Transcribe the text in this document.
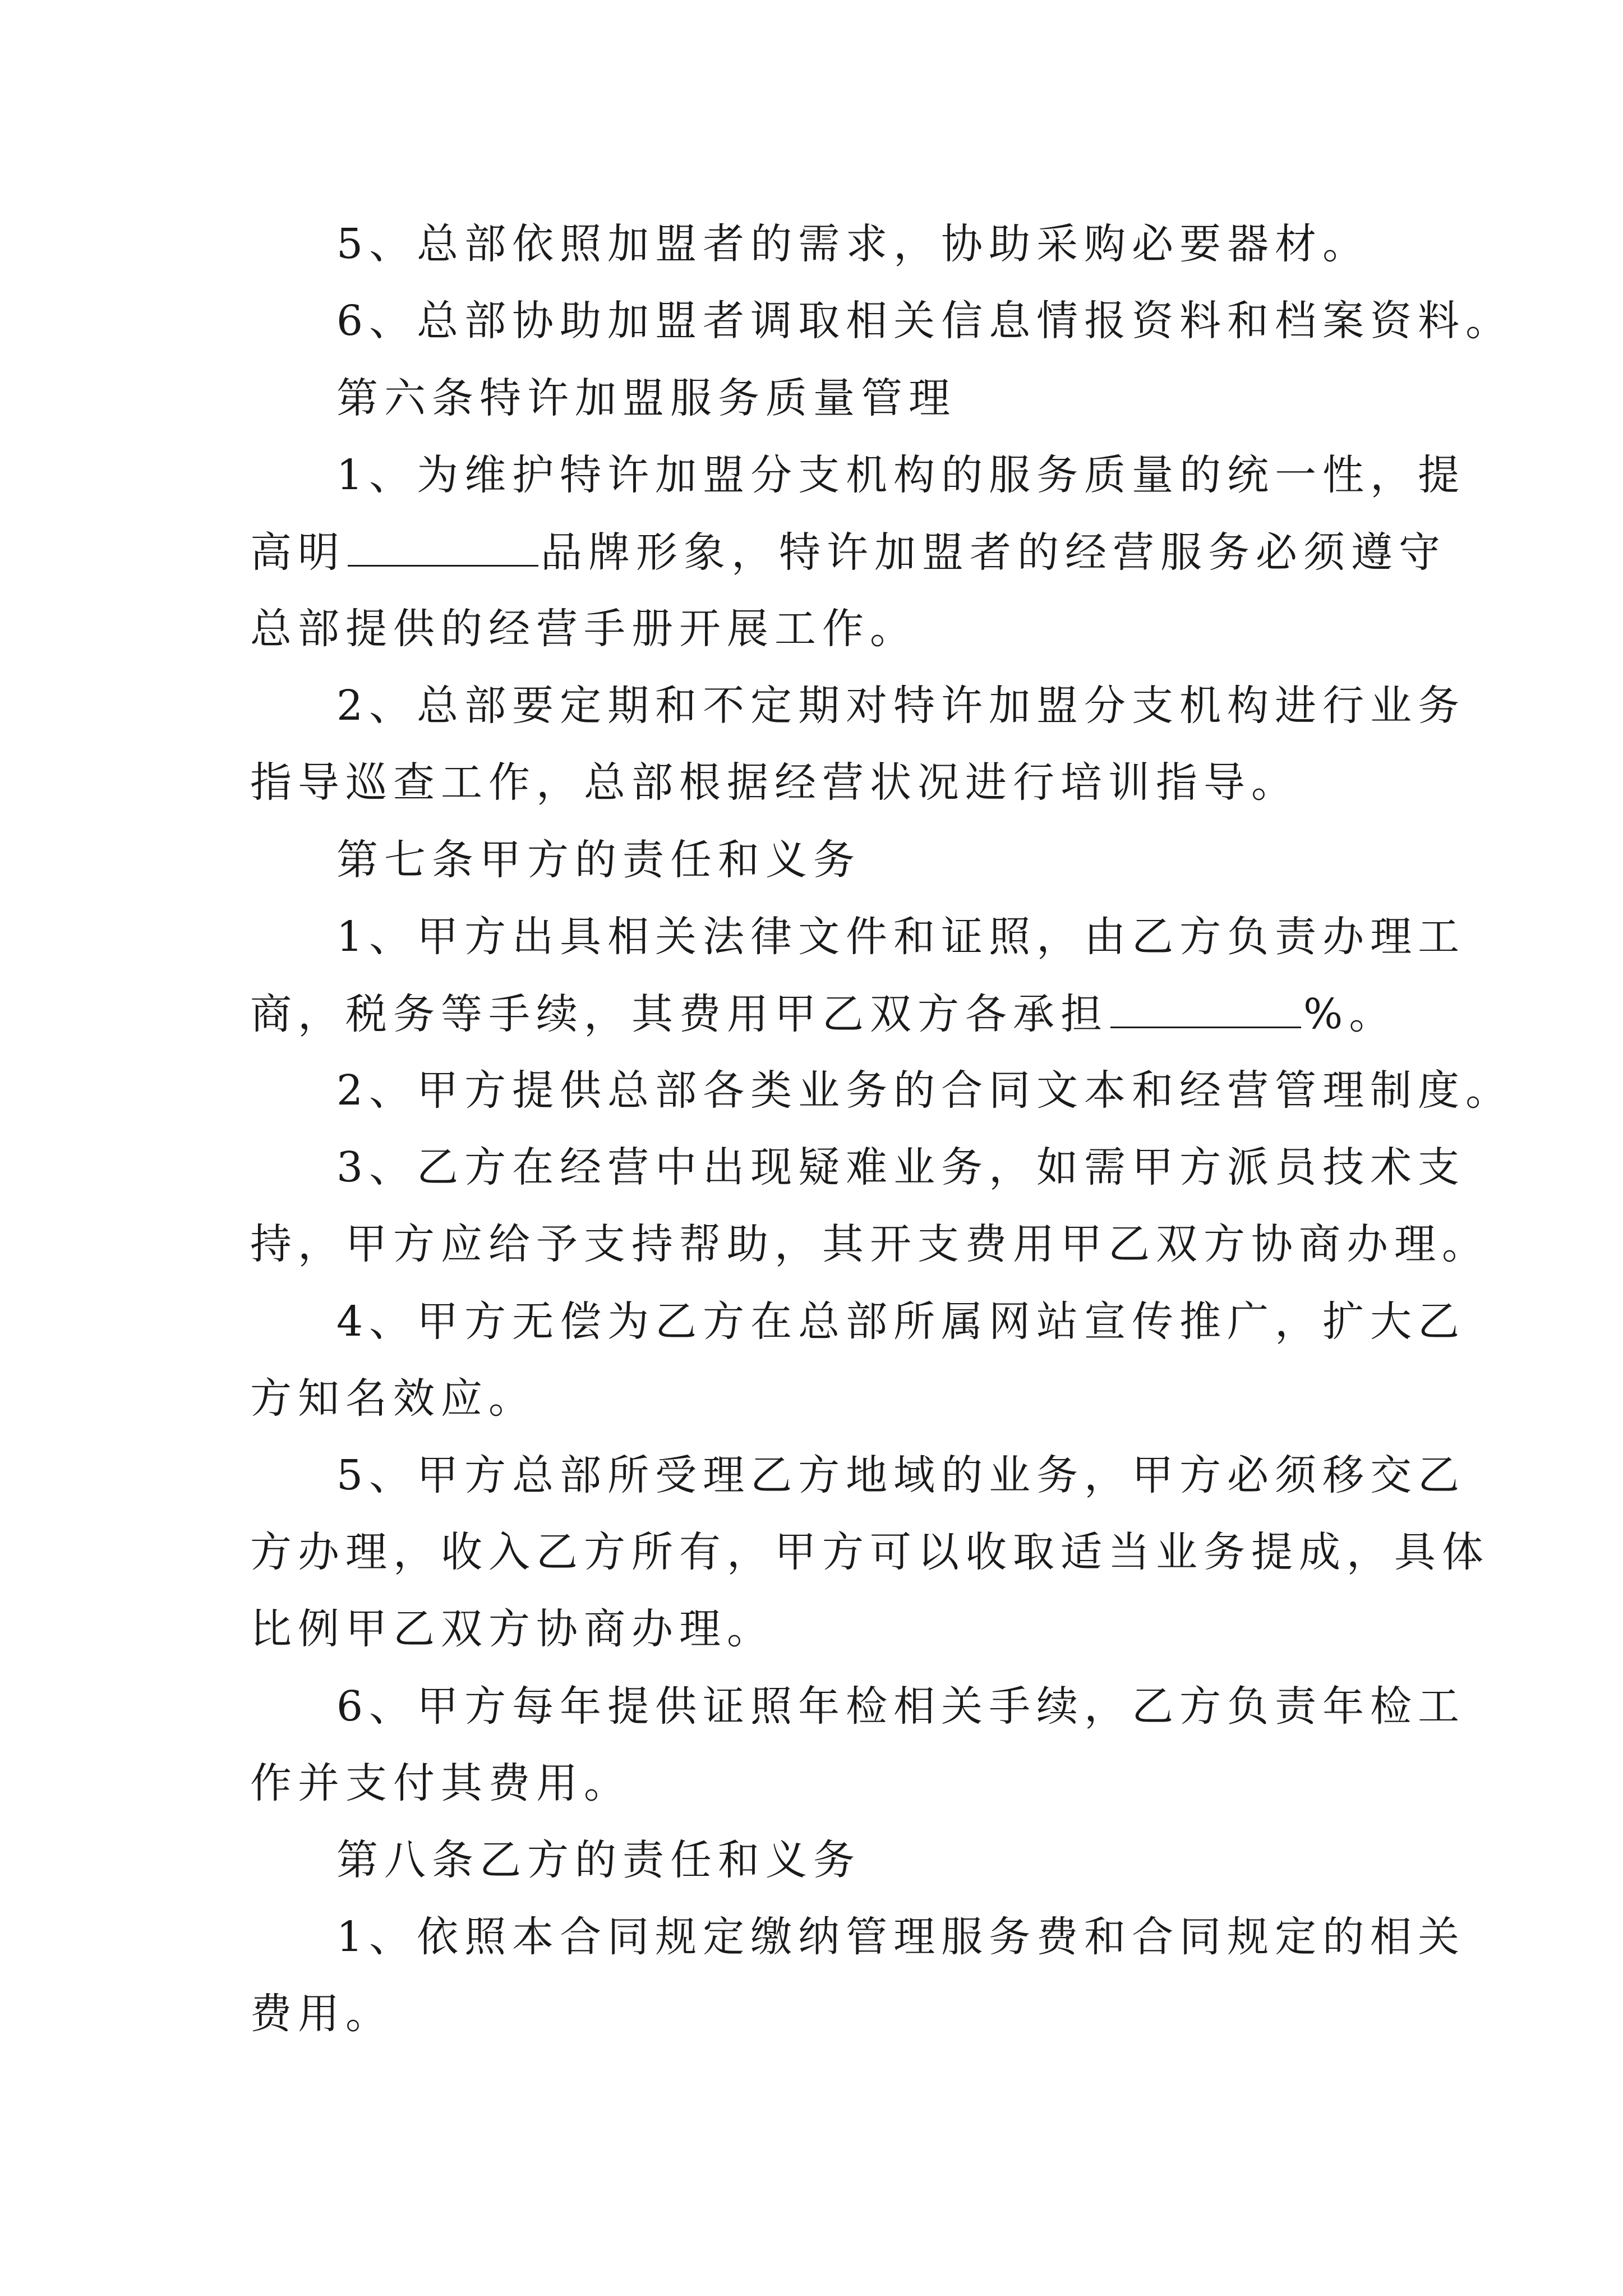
5、总部依照加盟者的需求，协助采购必要器材。
6、总部协助加盟者调取相关信息情报资料和档案资料。
第六条特许加盟服务质量管理
1、为维护特许加盟分支机构的服务质量的统一性，提
高明	品牌形象，特许加盟者的经营服务必须遵守
总部提供的经营手册开展工作。
2、总部要定期和不定期对特许加盟分支机构进行业务
指导巡查工作，总部根据经营状况进行培训指导。
第七条甲方的责任和义务
1、甲方出具相关法律文件和证照，由乙方负责办理工
商，税务等手续，其费用甲乙双方各承担	%。
2、甲方提供总部各类业务的合同文本和经营管理制度。
3、乙方在经营中出现疑难业务，如需甲方派员技术支
持，甲方应给予支持帮助，其开支费用甲乙双方协商办理。
4、甲方无偿为乙方在总部所属网站宣传推广，扩大乙
方知名效应。
5、甲方总部所受理乙方地域的业务，甲方必须移交乙
方办理，收入乙方所有，甲方可以收取适当业务提成，具体
比例甲乙双方协商办理。
6、甲方每年提供证照年检相关手续，乙方负责年检工
作并支付其费用。
第八条乙方的责任和义务
1、依照本合同规定缴纳管理服务费和合同规定的相关
费用。
